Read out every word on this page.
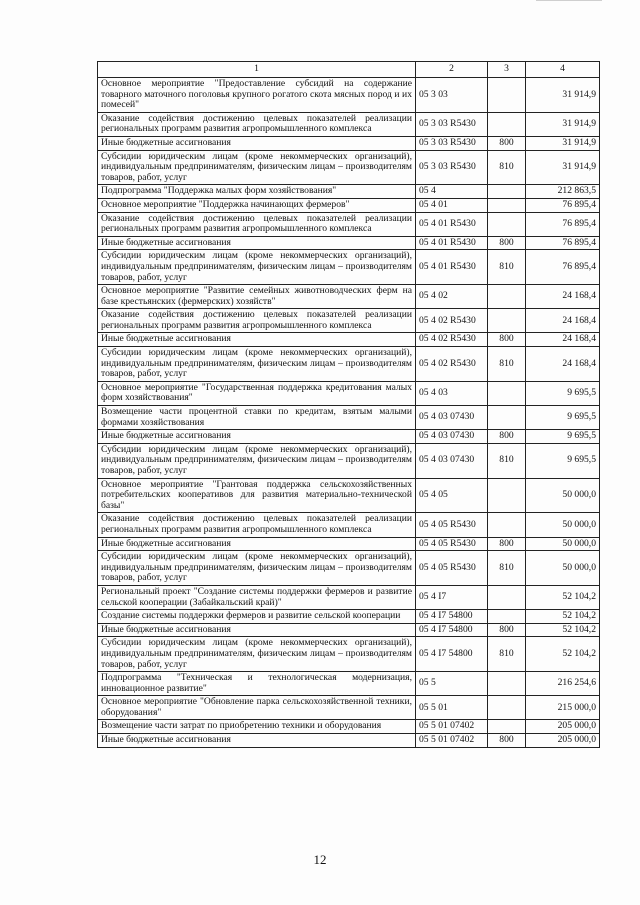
1	2	3	4
Основное мероприятие "Предоставление субсидий на содержание товарного маточного поголовья крупного рогатого скота мясных пород и их помесей"	05 3 03		31 914,9
Оказание содействия достижению целевых показателей реализации региональных программ развития агропромышленного комплекса	05 3 03 R5430		31 914,9
Иные бюджетные ассигнования	05 3 03 R5430	800	31 914,9
Субсидии юридическим лицам (кроме некоммерческих организаций), индивидуальным предпринимателям, физическим лицам – производителям товаров, работ, услуг	05 3 03 R5430	810	31 914,9
Подпрограмма "Поддержка малых форм хозяйствования"	05 4		212 863,5
Основное мероприятие "Поддержка начинающих фермеров"	05 4 01		76 895,4
Оказание содействия достижению целевых показателей реализации региональных программ развития агропромышленного комплекса	05 4 01 R5430		76 895,4
Иные бюджетные ассигнования	05 4 01 R5430	800	76 895,4
Субсидии юридическим лицам (кроме некоммерческих организаций), индивидуальным предпринимателям, физическим лицам – производителям товаров, работ, услуг	05 4 01 R5430	810	76 895,4
Основное мероприятие "Развитие семейных животноводческих ферм на базе крестьянских (фермерских) хозяйств"	05 4 02		24 168,4
Оказание содействия достижению целевых показателей реализации региональных программ развития агропромышленного комплекса	05 4 02 R5430		24 168,4
Иные бюджетные ассигнования	05 4 02 R5430	800	24 168,4
Субсидии юридическим лицам (кроме некоммерческих организаций), индивидуальным предпринимателям, физическим лицам – производителям товаров, работ, услуг	05 4 02 R5430	810	24 168,4
Основное мероприятие "Государственная поддержка кредитования малых форм хозяйствования"	05 4 03		9 695,5
Возмещение части процентной ставки по кредитам, взятым малыми формами хозяйствования	05 4 03 07430		9 695,5
Иные бюджетные ассигнования	05 4 03 07430	800	9 695,5
Субсидии юридическим лицам (кроме некоммерческих организаций), индивидуальным предпринимателям, физическим лицам – производителям товаров, работ, услуг	05 4 03 07430	810	9 695,5
Основное мероприятие "Грантовая поддержка сельскохозяйственных потребительских кооперативов для развития материально-технической базы"	05 4 05		50 000,0
Оказание содействия достижению целевых показателей реализации региональных программ развития агропромышленного комплекса	05 4 05 R5430		50 000,0
Иные бюджетные ассигнования	05 4 05 R5430	800	50 000,0
Субсидии юридическим лицам (кроме некоммерческих организаций), индивидуальным предпринимателям, физическим лицам – производителям товаров, работ, услуг	05 4 05 R5430	810	50 000,0
Региональный проект "Создание системы поддержки фермеров и развитие сельской кооперации (Забайкальский край)"	05 4 I7		52 104,2
Создание системы поддержки фермеров и развитие сельской кооперации	05 4 I7 54800		52 104,2
Иные бюджетные ассигнования	05 4 I7 54800	800	52 104,2
Субсидии юридическим лицам (кроме некоммерческих организаций), индивидуальным предпринимателям, физическим лицам – производителям товаров, работ, услуг	05 4 I7 54800	810	52 104,2
Подпрограмма "Техническая и технологическая модернизация, инновационное развитие"	05 5		216 254,6
Основное мероприятие "Обновление парка сельскохозяйственной техники, оборудования"	05 5 01		215 000,0
Возмещение части затрат по приобретению техники и оборудования	05 5 01 07402		205 000,0
Иные бюджетные ассигнования	05 5 01 07402	800	205 000,0
12
